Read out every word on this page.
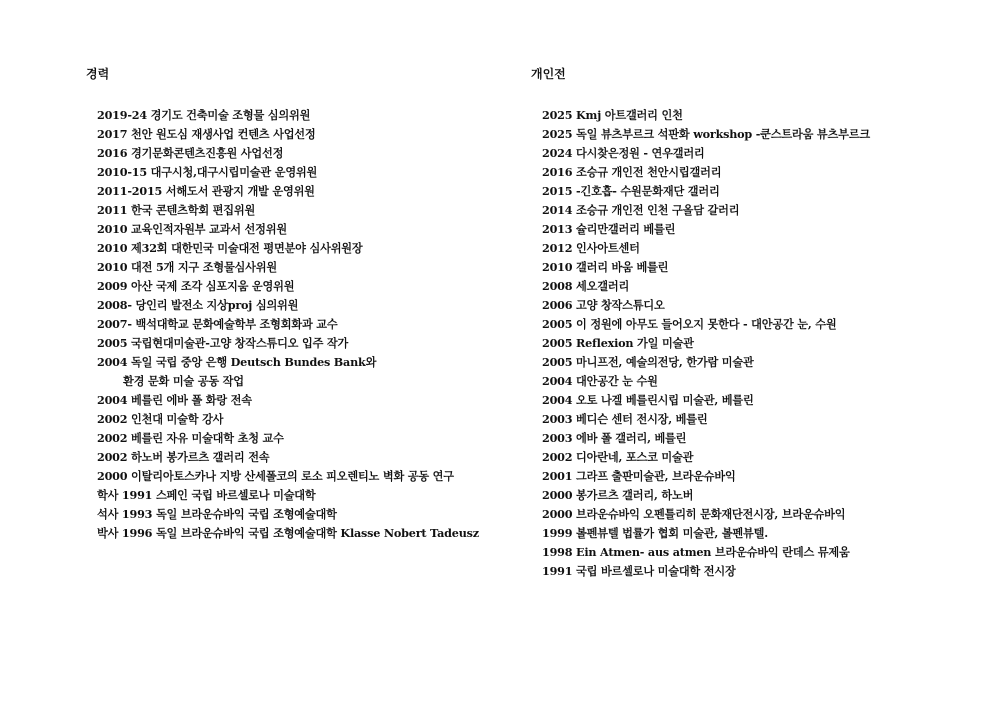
경력
2019-24 경기도 건축미술 조형물 심의위원
2017 천안 원도심 재생사업 컨텐츠 사업선정
2016 경기문화콘텐츠진흥원 사업선정
2010-15 대구시청,대구시립미술관 운영위원
2011-2015 서해도서 관광지 개발 운영위원
2011 한국 콘텐츠학회 편집위원
2010 교육인적자원부 교과서 선정위원
2010 제32회 대한민국 미술대전 평면분야 심사위원장
2010 대전 5개 지구 조형물심사위원
2009 아산 국제 조각 심포지움 운영위원
2008- 당인리 발전소 지상proj 심의위원
2007- 백석대학교 문화예술학부 조형회화과 교수
2005 국립현대미술관-고양 창작스튜디오 입주 작가
2004 독일 국립 중앙 은행 Deutsch Bundes Bank와
환경 문화 미술 공동 작업
2004 베를린 에바 폴 화랑 전속
2002 인천대 미술학 강사
2002 베를린 자유 미술대학 초청 교수
2002 하노버 봉가르츠 갤러리 전속
2000 이탈리아토스카나 지방 산세폴코의 로소 피오렌티노 벽화 공동 연구
학사 1991 스페인 국립 바르셀로나 미술대학
석사 1993 독일 브라운슈바익 국립 조형예술대학
박사 1996 독일 브라운슈바익 국립 조형예술대학 Klasse Nobert Tadeusz
개인전
2025 Kmj 아트갤러리 인천
2025 독일 뷰츠부르크 석판화 workshop -쿤스트라움 뷰츠부르크
2024 다시찾은정원 - 연우갤러리
2016 조승규 개인전 천안시립갤러리
2015 -긴호흡- 수원문화재단 갤러리
2014 조승규 개인전 인천 구올담 갈러리
2013 슐리만갤러리 베를린
2012 인사아트센터
2010 갤러리 바움 베를린
2008 세오갤러리
2006 고양 창작스튜디오
2005 이 정원에 아무도 들어오지 못한다 - 대안공간 눈, 수원
2005 Reflexion 가일 미술관
2005 마니프전, 예술의전당, 한가람 미술관
2004 대안공간 눈 수원
2004 오토 나겔 베를린시립 미술관, 베를린
2003 베디슨 센터 전시장, 베를린
2003 에바 폴 갤러리, 베를린
2002 디아란네, 포스코 미술관
2001 그라프 출판미술관, 브라운슈바익
2000 봉가르츠 갤러리, 하노버
2000 브라운슈바익 오펜틀리히 문화재단전시장, 브라운슈바익
1999 볼펜뷰텔 법률가 협회 미술관, 볼펜뷰텔.
1998 Ein Atmen- aus atmen 브라운슈바익 란데스 뮤제움
1991 국립 바르셀로나 미술대학 전시장
